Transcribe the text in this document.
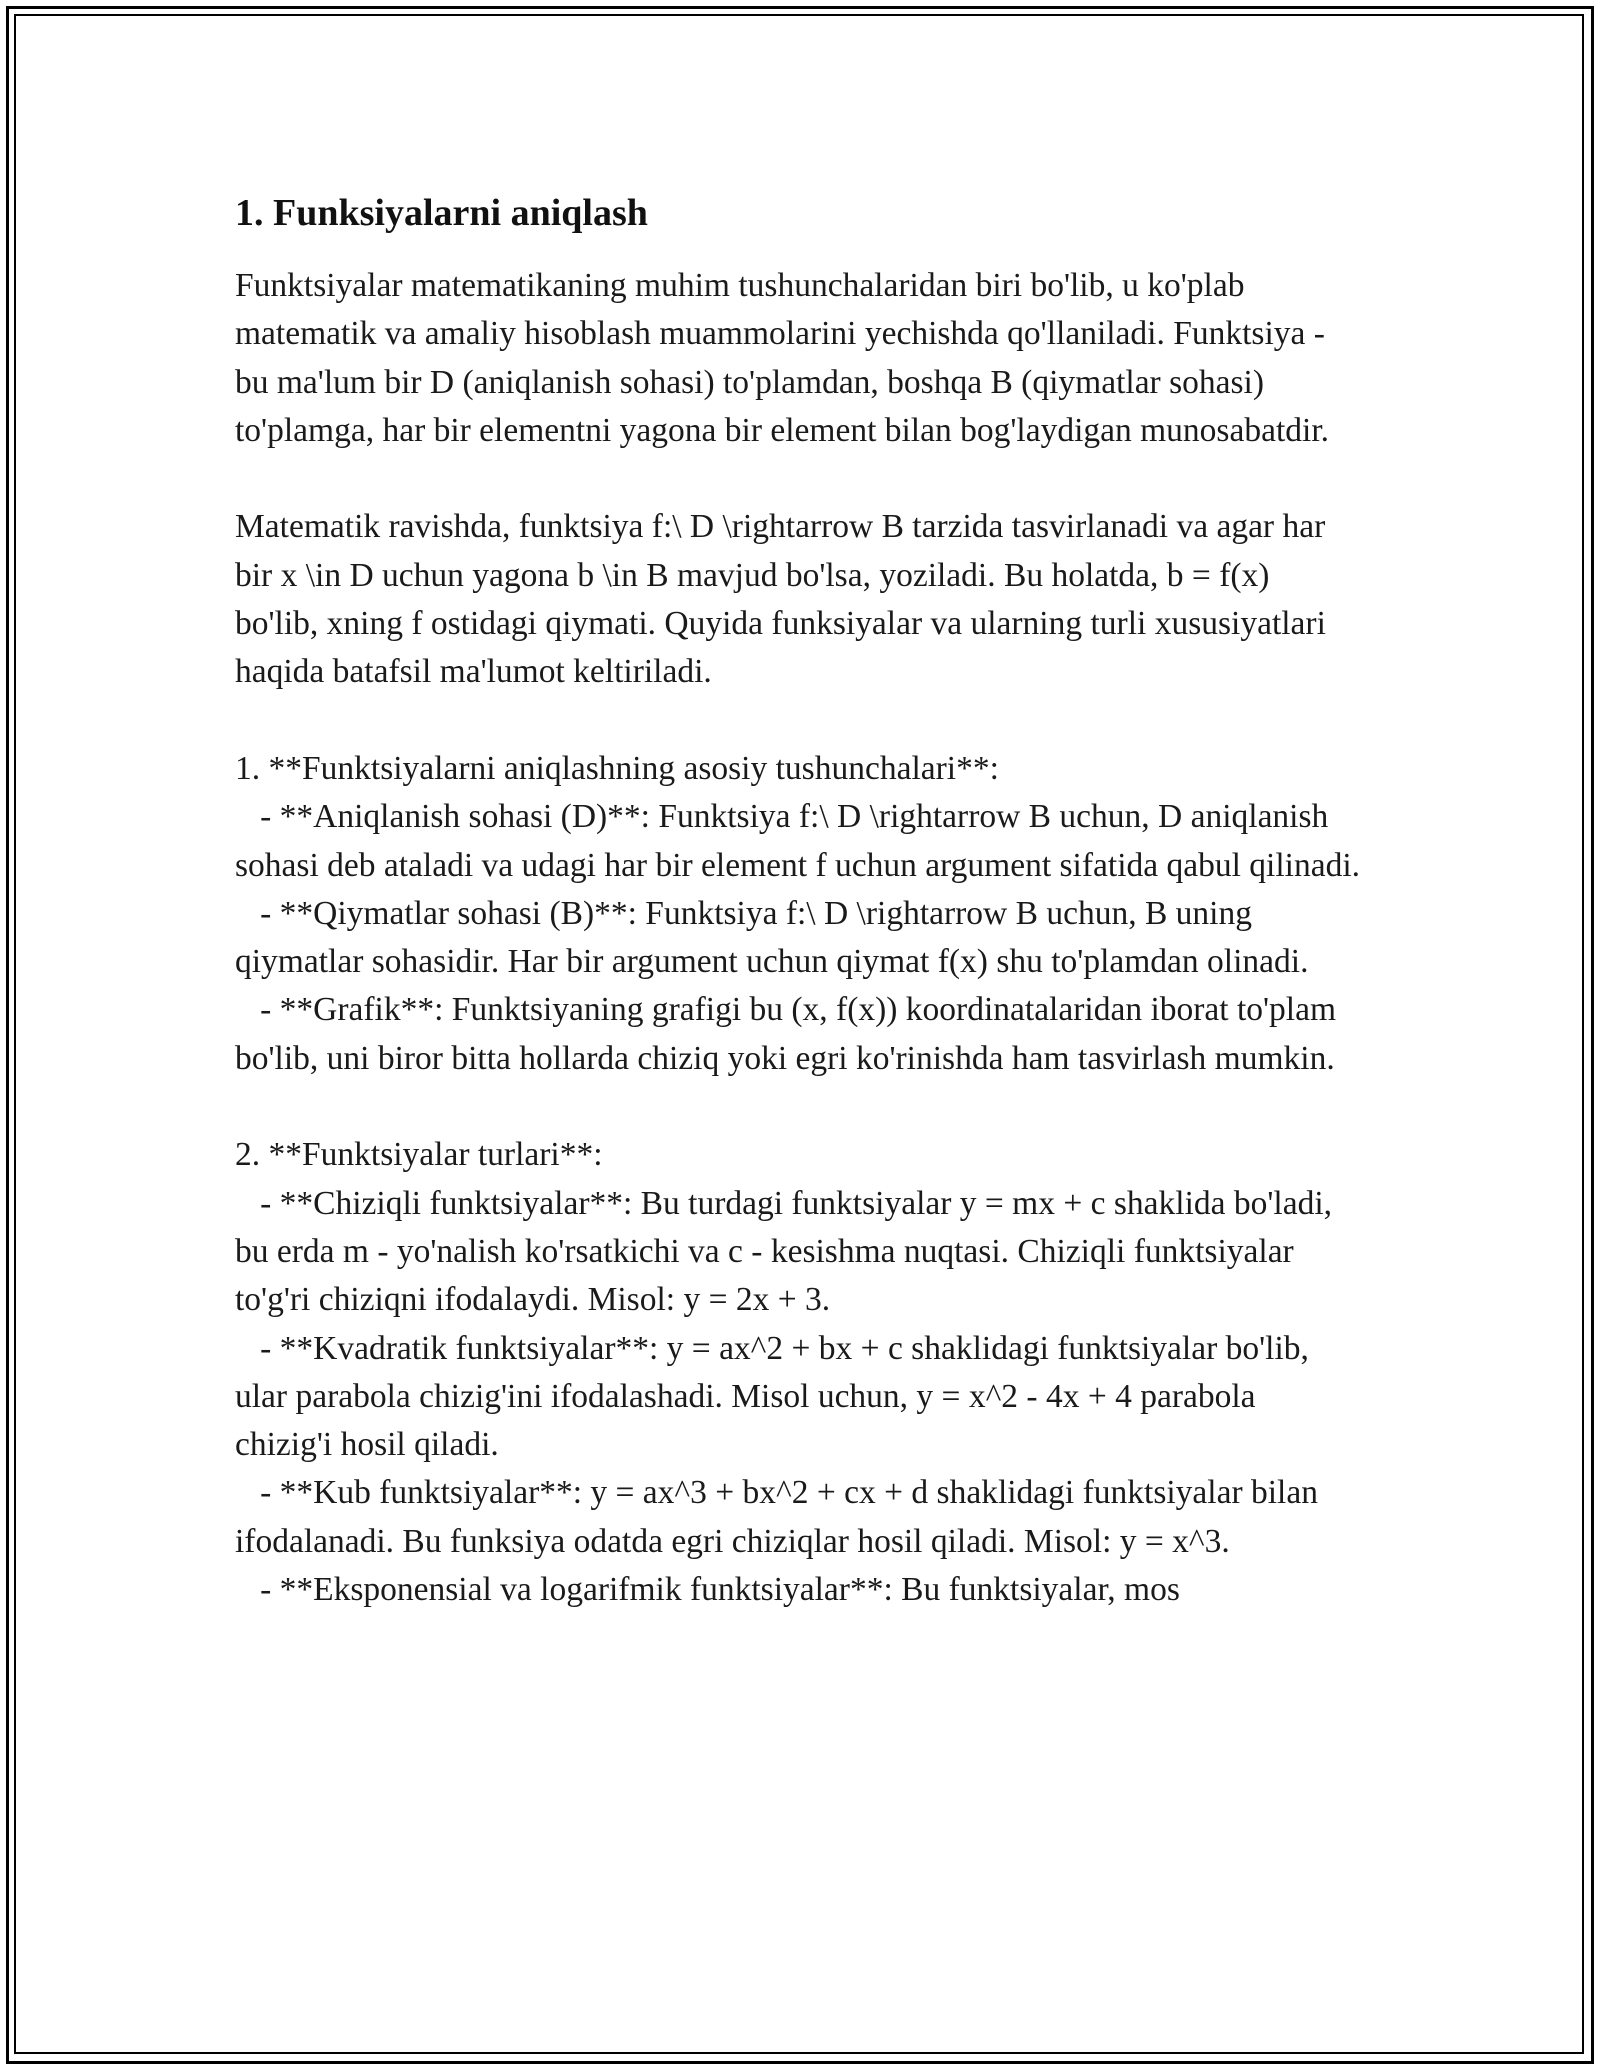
1. Funksiyalarni aniqlash

Funktsiyalar matematikaning muhim tushunchalaridan biri bo'lib, u ko'plab matematik va amaliy hisoblash muammolarini yechishda qo'llaniladi. Funktsiya - bu ma'lum bir D (aniqlanish sohasi) to'plamdan, boshqa B (qiymatlar sohasi) to'plamga, har bir elementni yagona bir element bilan bog'laydigan munosabatdir.

Matematik ravishda, funktsiya f:\ D \rightarrow B tarzida tasvirlanadi va agar har bir x \in D uchun yagona b \in B mavjud bo'lsa, yoziladi. Bu holatda, b = f(x) bo'lib, xning f ostidagi qiymati. Quyida funksiyalar va ularning turli xususiyatlari haqida batafsil ma'lumot keltiriladi.

1. **Funktsiyalarni aniqlashning asosiy tushunchalari**:
- **Aniqlanish sohasi (D)**: Funktsiya f:\ D \rightarrow B uchun, D aniqlanish sohasi deb ataladi va udagi har bir element f uchun argument sifatida qabul qilinadi.
- **Qiymatlar sohasi (B)**: Funktsiya f:\ D \rightarrow B uchun, B uning qiymatlar sohasidir. Har bir argument uchun qiymat f(x) shu to'plamdan olinadi.
- **Grafik**: Funktsiyaning grafigi bu (x, f(x)) koordinatalaridan iborat to'plam bo'lib, uni biror bitta hollarda chiziq yoki egri ko'rinishda ham tasvirlash mumkin.

2. **Funktsiyalar turlari**:
- **Chiziqli funktsiyalar**: Bu turdagi funktsiyalar y = mx + c shaklida bo'ladi, bu erda m - yo'nalish ko'rsatkichi va c - kesishma nuqtasi. Chiziqli funktsiyalar to'g'ri chiziqni ifodalaydi. Misol: y = 2x + 3.
- **Kvadratik funktsiyalar**: y = ax^2 + bx + c shaklidagi funktsiyalar bo'lib, ular parabola chizig'ini ifodalashadi. Misol uchun, y = x^2 - 4x + 4 parabola chizig'i hosil qiladi.
- **Kub funktsiyalar**: y = ax^3 + bx^2 + cx + d shaklidagi funktsiyalar bilan ifodalanadi. Bu funksiya odatda egri chiziqlar hosil qiladi. Misol: y = x^3.
- **Eksponensial va logarifmik funktsiyalar**: Bu funktsiyalar, mos
